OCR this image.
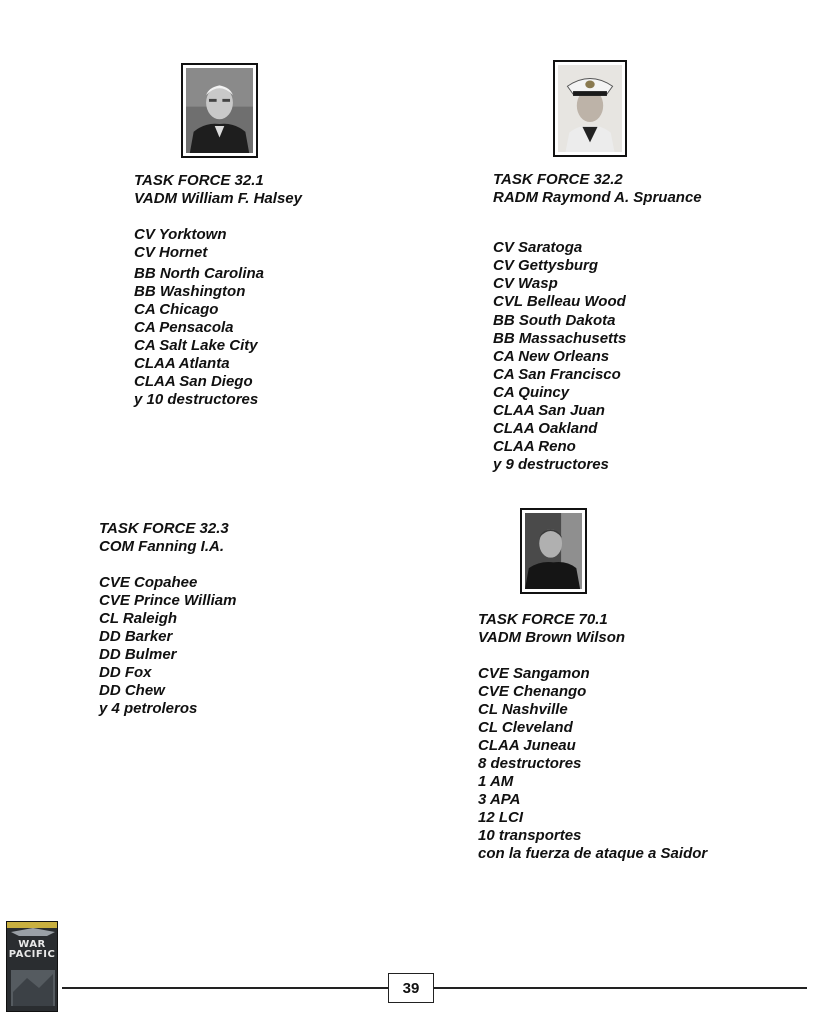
TASK FORCE 32.1
VADM William F. Halsey
CV Yorktown
CV Hornet
BB North Carolina
BB Washington
CA Chicago
CA Pensacola
CA Salt Lake City
CLAA Atlanta
CLAA San Diego
y 10 destructores
TASK FORCE 32.2
RADM Raymond A. Spruance
CV Saratoga
CV Gettysburg
CV Wasp
CVL Belleau Wood
BB South Dakota
BB Massachusetts
CA New Orleans
CA San Francisco
CA Quincy
CLAA San Juan
CLAA Oakland
CLAA Reno
y 9 destructores
TASK FORCE 32.3
COM Fanning I.A.
CVE Copahee
CVE Prince William
CL Raleigh
DD Barker
DD Bulmer
DD Fox
DD Chew
y 4 petroleros
TASK FORCE 70.1
VADM Brown Wilson
CVE Sangamon
CVE Chenango
CL Nashville
CL Cleveland
CLAA Juneau
8 destructores
1 AM
3 APA
12 LCI
10 transportes
con la fuerza de ataque a Saidor
WAR
PACIFIC
39
